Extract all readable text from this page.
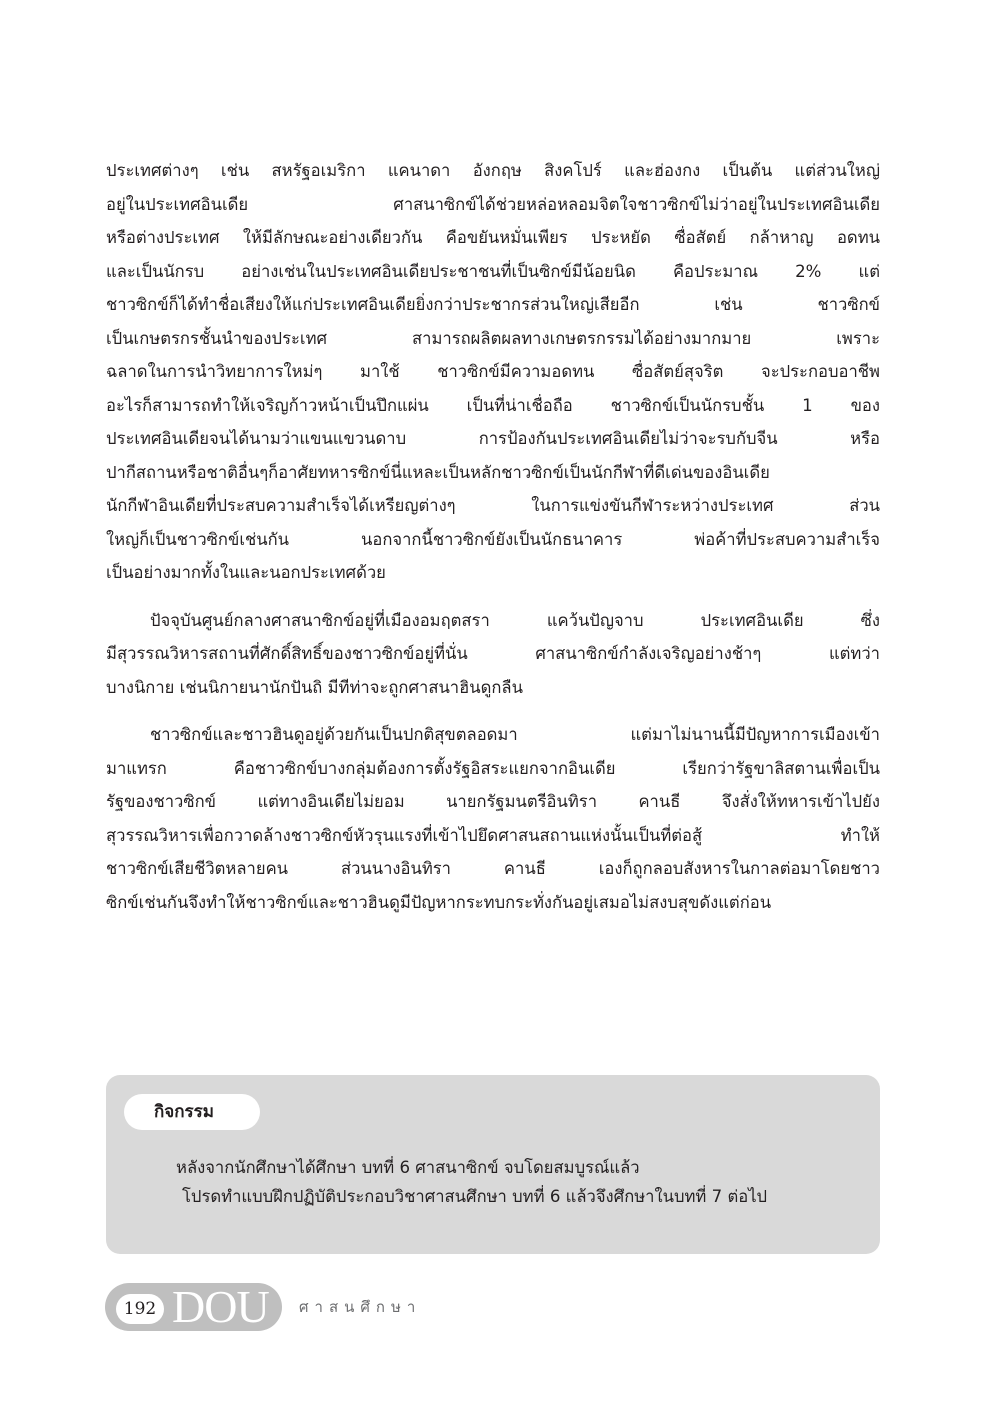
ประเทศต่างๆ เช่น สหรัฐอเมริกา แคนาดา อังกฤษ สิงคโปร์ และฮ่องกง เป็นต้น แต่ส่วนใหญ่
อยู่ในประเทศอินเดีย ศาสนาซิกข์ได้ช่วยหล่อหลอมจิตใจชาวซิกข์ไม่ว่าอยู่ในประเทศอินเดีย
หรือต่างประเทศ ให้มีลักษณะอย่างเดียวกัน คือขยันหมั่นเพียร ประหยัด ซื่อสัตย์ กล้าหาญ อดทน
และเป็นนักรบ อย่างเช่นในประเทศอินเดียประชาชนที่เป็นซิกข์มีน้อยนิด คือประมาณ 2% แต่
ชาวซิกข์ก็ได้ทำชื่อเสียงให้แก่ประเทศอินเดียยิ่งกว่าประชากรส่วนใหญ่เสียอีก เช่น ชาวซิกข์
เป็นเกษตรกรชั้นนำของประเทศ สามารถผลิตผลทางเกษตรกรรมได้อย่างมากมาย เพราะ
ฉลาดในการนำวิทยาการใหม่ๆ มาใช้ ชาวซิกข์มีความอดทน ซื่อสัตย์สุจริต จะประกอบอาชีพ
อะไรก็สามารถทำให้เจริญก้าวหน้าเป็นปึกแผ่น เป็นที่น่าเชื่อถือ ชาวซิกข์เป็นนักรบชั้น 1 ของ
ประเทศอินเดียจนได้นามว่าแขนแขวนดาบ การป้องกันประเทศอินเดียไม่ว่าจะรบกับจีน หรือ
ปากีสถานหรือชาติอื่นๆก็อาศัยทหารซิกข์นี่แหละเป็นหลักชาวซิกข์เป็นนักกีฬาที่ดีเด่นของอินเดีย
นักกีฬาอินเดียที่ประสบความสำเร็จได้เหรียญต่างๆ ในการแข่งขันกีฬาระหว่างประเทศ ส่วน
ใหญ่ก็เป็นชาวซิกข์เช่นกัน นอกจากนี้ชาวซิกข์ยังเป็นนักธนาคาร พ่อค้าที่ประสบความสำเร็จ
เป็นอย่างมากทั้งในและนอกประเทศด้วย
ปัจจุบันศูนย์กลางศาสนาซิกข์อยู่ที่เมืองอมฤตสรา แคว้นปัญจาบ ประเทศอินเดีย ซึ่ง
มีสุวรรณวิหารสถานที่ศักดิ์สิทธิ์ของชาวซิกข์อยู่ที่นั่น ศาสนาซิกข์กำลังเจริญอย่างช้าๆ แต่ทว่า
บางนิกาย เช่นนิกายนานักปันถิ มีทีท่าจะถูกศาสนาฮินดูกลืน
ชาวซิกข์และชาวฮินดูอยู่ด้วยกันเป็นปกติสุขตลอดมา แต่มาไม่นานนี้มีปัญหาการเมืองเข้า
มาแทรก คือชาวซิกข์บางกลุ่มต้องการตั้งรัฐอิสระแยกจากอินเดีย เรียกว่ารัฐขาลิสตานเพื่อเป็น
รัฐของชาวซิกข์ แต่ทางอินเดียไม่ยอม นายกรัฐมนตรีอินทิรา คานธี จึงสั่งให้ทหารเข้าไปยัง
สุวรรณวิหารเพื่อกวาดล้างชาวซิกข์หัวรุนแรงที่เข้าไปยึดศาสนสถานแห่งนั้นเป็นที่ต่อสู้ ทำให้
ชาวซิกข์เสียชีวิตหลายคน ส่วนนางอินทิรา คานธี เองก็ถูกลอบสังหารในกาลต่อมาโดยชาว
ซิกข์เช่นกันจึงทำให้ชาวซิกข์และชาวฮินดูมีปัญหากระทบกระทั่งกันอยู่เสมอไม่สงบสุขดังแต่ก่อน
กิจกรรม
หลังจากนักศึกษาได้ศึกษา บทที่ 6 ศาสนาซิกข์ จบโดยสมบูรณ์แล้ว
โปรดทำแบบฝึกปฏิบัติประกอบวิชาศาสนศึกษา บทที่ 6 แล้วจึงศึกษาในบทที่ 7 ต่อไป
192 DOU ศาสนศึกษา
